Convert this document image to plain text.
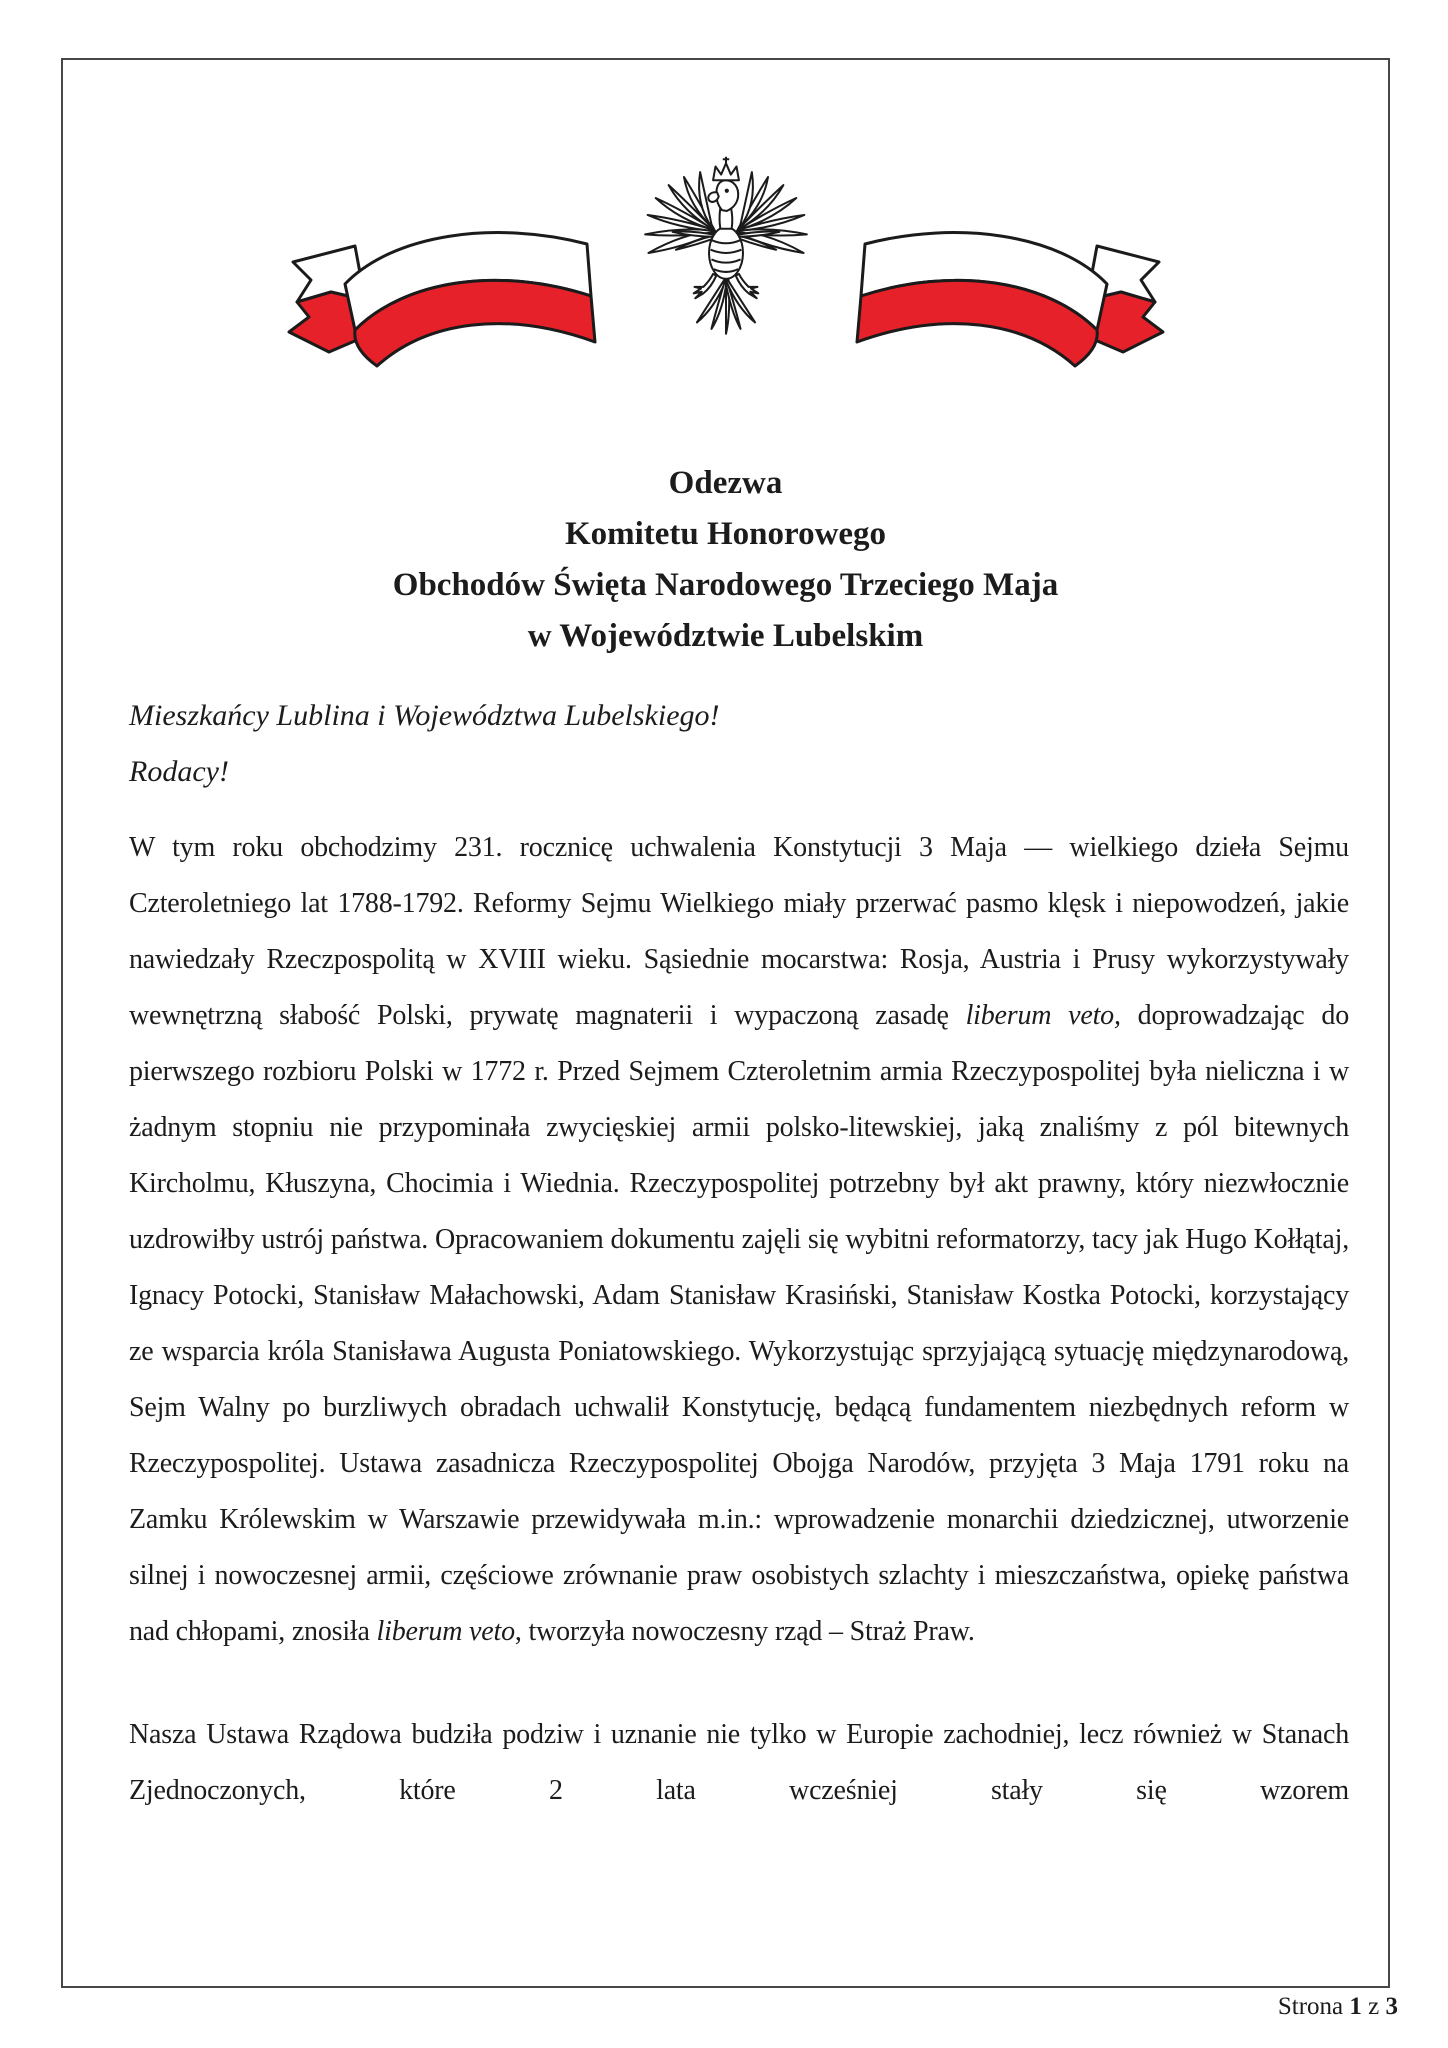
Odezwa
Komitetu Honorowego
Obchodów Święta Narodowego Trzeciego Maja
w Województwie Lubelskim

Mieszkańcy Lublina i Województwa Lubelskiego!
Rodacy!

W tym roku obchodzimy 231. rocznicę uchwalenia Konstytucji 3 Maja — wielkiego dzieła Sejmu Czteroletniego lat 1788-1792. Reformy Sejmu Wielkiego miały przerwać pasmo klęsk i niepowodzeń, jakie nawiedzały Rzeczpospolitą w XVIII wieku. Sąsiednie mocarstwa: Rosja, Austria i Prusy wykorzystywały wewnętrzną słabość Polski, prywatę magnaterii i wypaczoną zasadę liberum veto, doprowadzając do pierwszego rozbioru Polski w 1772 r. Przed Sejmem Czteroletnim armia Rzeczypospolitej była nieliczna i w żadnym stopniu nie przypominała zwycięskiej armii polsko-litewskiej, jaką znaliśmy z pól bitewnych Kircholmu, Kłuszyna, Chocimia i Wiednia. Rzeczypospolitej potrzebny był akt prawny, który niezwłocznie uzdrowiłby ustrój państwa. Opracowaniem dokumentu zajęli się wybitni reformatorzy, tacy jak Hugo Kołłątaj, Ignacy Potocki, Stanisław Małachowski, Adam Stanisław Krasiński, Stanisław Kostka Potocki, korzystający ze wsparcia króla Stanisława Augusta Poniatowskiego. Wykorzystując sprzyjającą sytuację międzynarodową, Sejm Walny po burzliwych obradach uchwalił Konstytucję, będącą fundamentem niezbędnych reform w Rzeczypospolitej. Ustawa zasadnicza Rzeczypospolitej Obojga Narodów, przyjęta 3 Maja 1791 roku na Zamku Królewskim w Warszawie przewidywała m.in.: wprowadzenie monarchii dziedzicznej, utworzenie silnej i nowoczesnej armii, częściowe zrównanie praw osobistych szlachty i mieszczaństwa, opiekę państwa nad chłopami, znosiła liberum veto, tworzyła nowoczesny rząd – Straż Praw.

Nasza Ustawa Rządowa budziła podziw i uznanie nie tylko w Europie zachodniej, lecz również w Stanach Zjednoczonych, które 2 lata wcześniej stały się wzorem

Strona 1 z 3
